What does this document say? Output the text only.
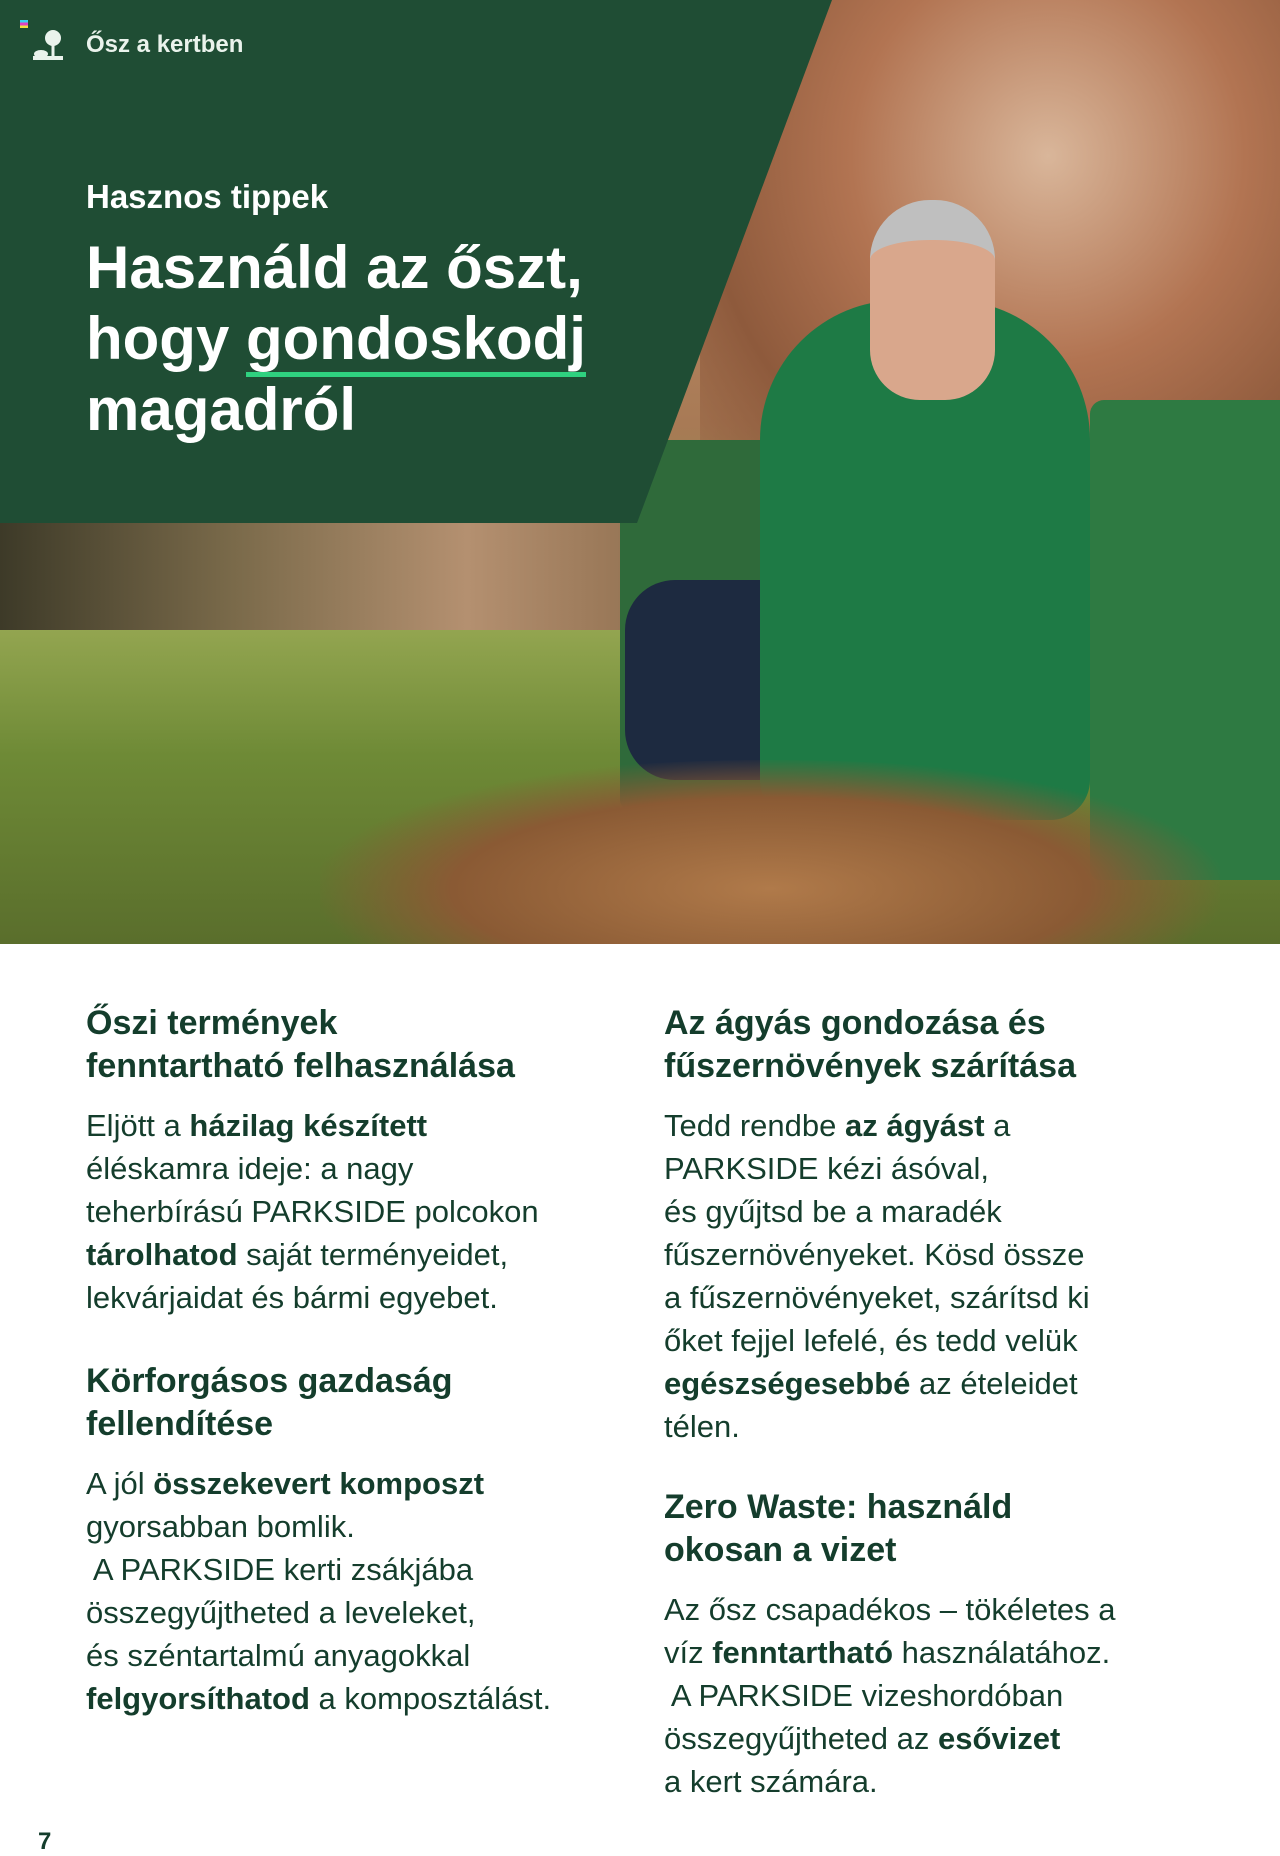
Ősz a kertben
Hasznos tippek
Használd az őszt,
hogy gondoskodj
magadról
Őszi termények
fenntartható felhasználása
Eljött a házilag készített
éléskamra ideje: a nagy
teherbírású PARKSIDE polcokon
tárolhatod saját terményeidet,
lekvárjaidat és bármi egyebet.
Körforgásos gazdaság
fellendítése
A jól összekevert komposzt
gyorsabban bomlik.
A PARKSIDE kerti zsákjába
összegyűjtheted a leveleket,
és széntartalmú anyagokkal
felgyorsíthatod a komposztálást.
Az ágyás gondozása és
fűszernövények szárítása
Tedd rendbe az ágyást a
PARKSIDE kézi ásóval,
és gyűjtsd be a maradék
fűszernövényeket. Kösd össze
a fűszernövényeket, szárítsd ki
őket fejjel lefelé, és tedd velük
egészségesebbé az ételeidet
télen.
Zero Waste: használd
okosan a vizet
Az ősz csapadékos – tökéletes a
víz fenntartható használatához.
A PARKSIDE vizeshordóban
összegyűjtheted az esővizet
a kert számára.
7
